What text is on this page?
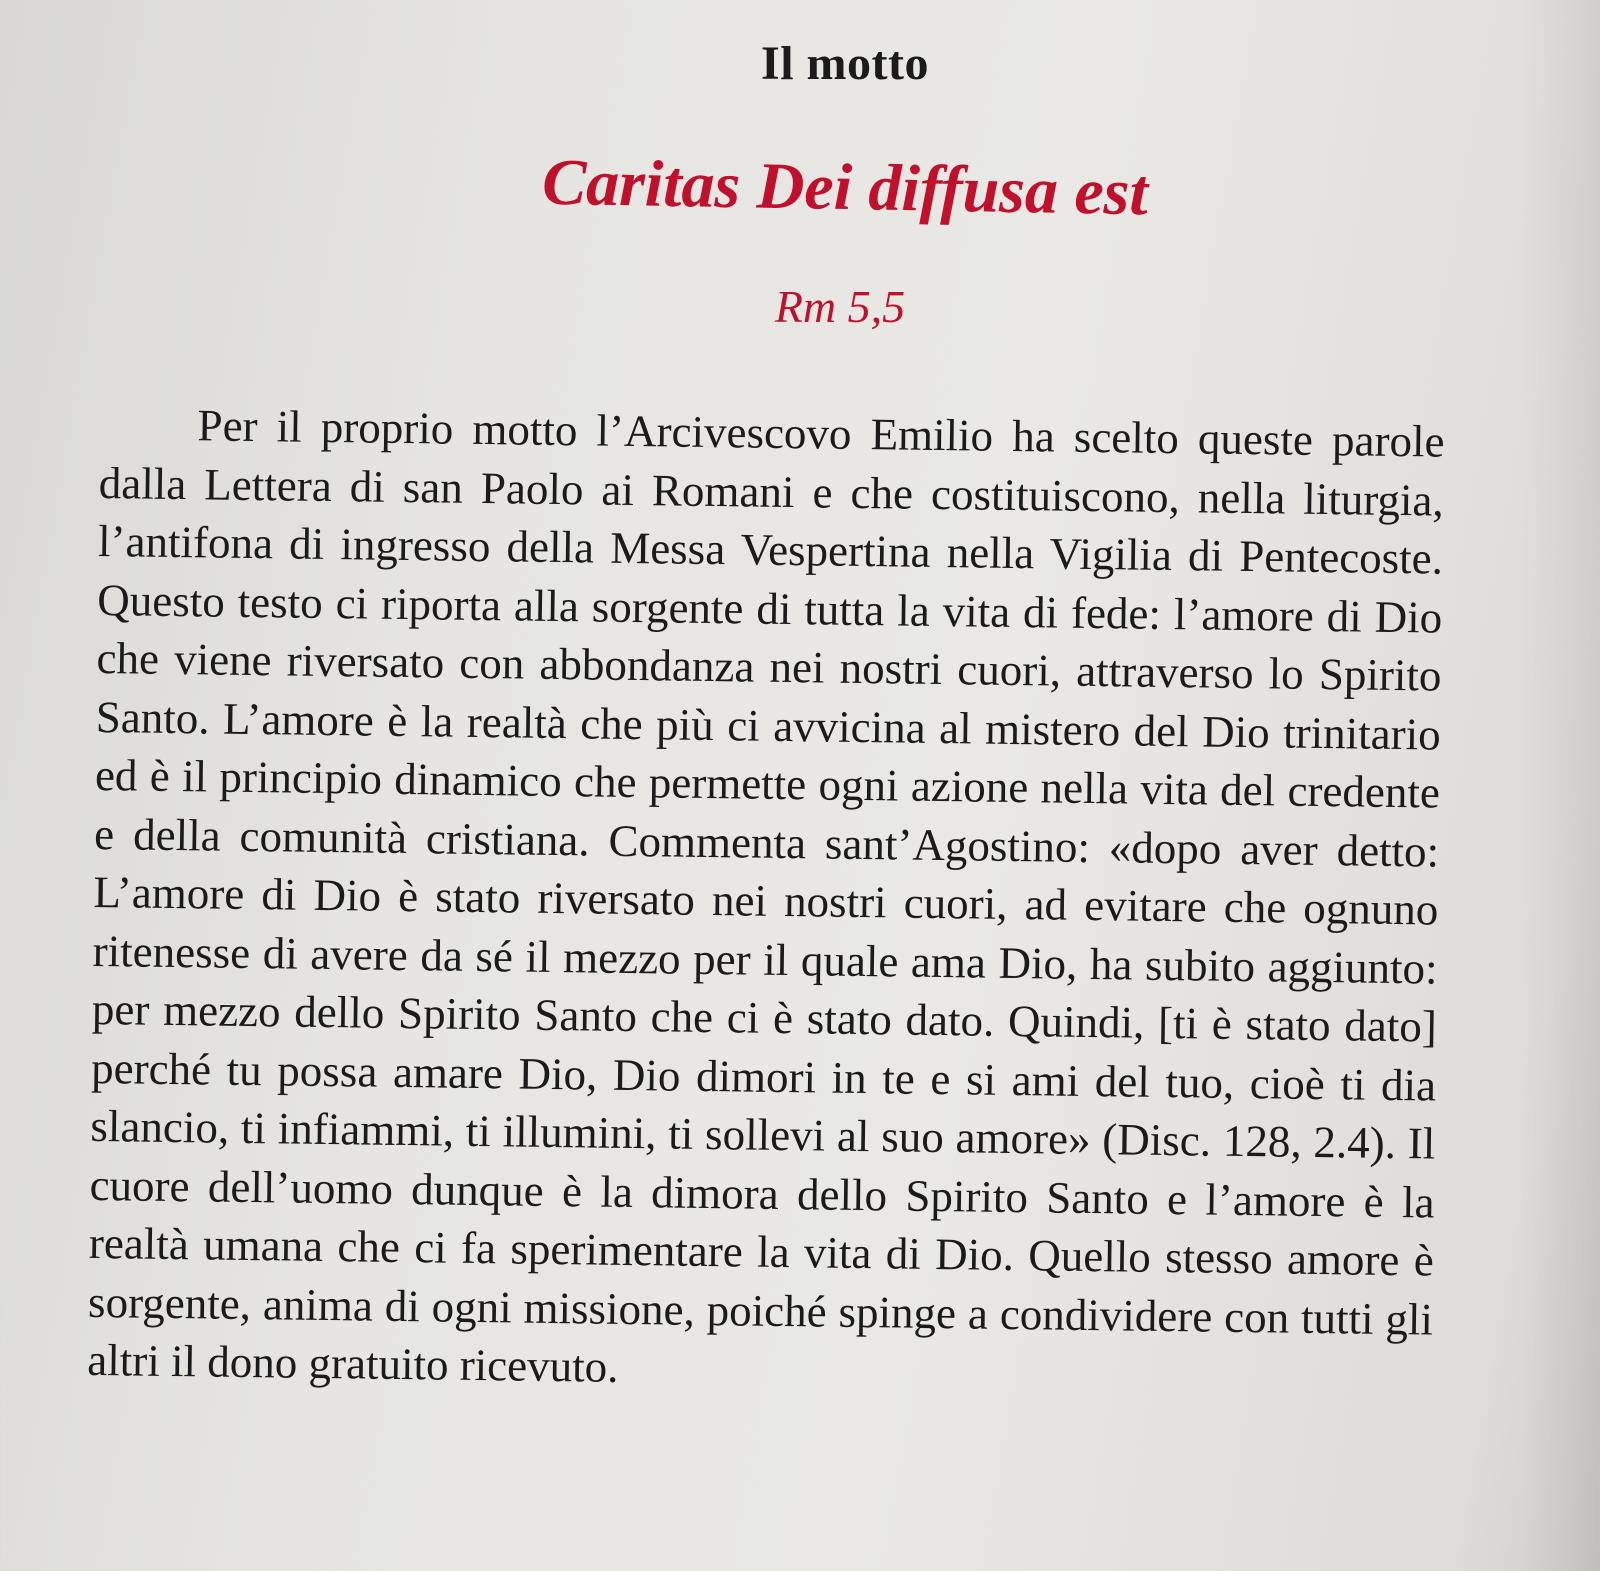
Il motto
Caritas Dei diffusa est
Rm 5,5

Per il proprio motto l’Arcivescovo Emilio ha scelto queste parole dalla Lettera di san Paolo ai Romani e che costituiscono, nella liturgia, l’antifona di ingresso della Messa Vespertina nella Vigilia di Pentecoste. Questo testo ci riporta alla sorgente di tutta la vita di fede: l’amore di Dio che viene riversato con abbondanza nei nostri cuori, attraverso lo Spirito Santo. L’amore è la realtà che più ci avvicina al mistero del Dio trinitario ed è il principio dinamico che permette ogni azione nella vita del credente e della comunità cristiana. Commenta sant’Agostino: «dopo aver detto: L’amore di Dio è stato riversato nei nostri cuori, ad evitare che ognuno ritenesse di avere da sé il mezzo per il quale ama Dio, ha subito aggiunto: per mezzo dello Spirito Santo che ci è stato dato. Quindi, [ti è stato dato] perché tu possa amare Dio, Dio dimori in te e si ami del tuo, cioè ti dia slancio, ti infiammi, ti illumini, ti sollevi al suo amore» (Disc. 128, 2.4). Il cuore dell’uomo dunque è la dimora dello Spirito Santo e l’amore è la realtà umana che ci fa sperimentare la vita di Dio. Quello stesso amore è sorgente, anima di ogni missione, poiché spinge a condividere con tutti gli altri il dono gratuito ricevuto.
